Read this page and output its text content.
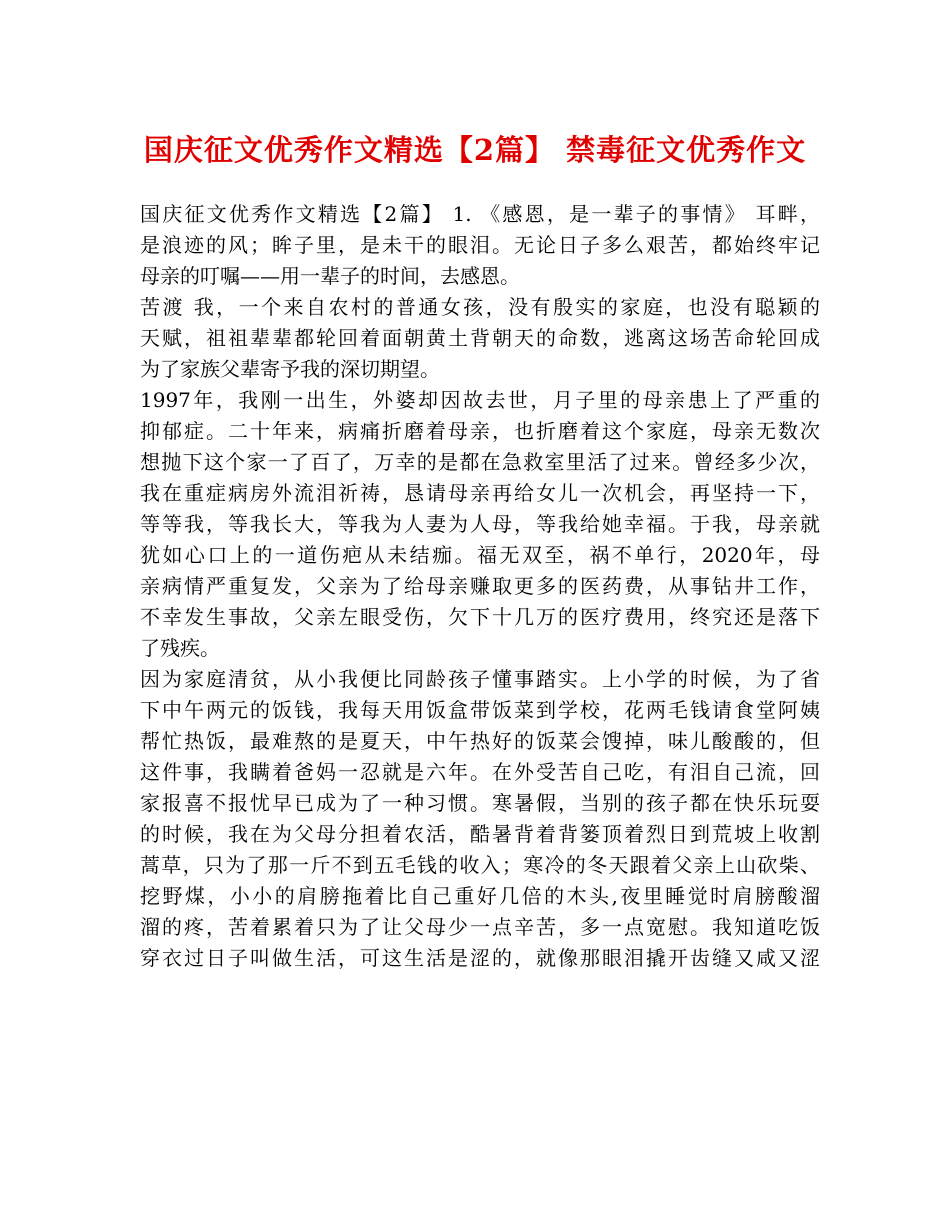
国庆征文优秀作文精选【2篇】 禁毒征文优秀作文
国庆征文优秀作文精选【2篇】 1. 《感恩，是一辈子的事情》 耳畔，
是浪迹的风；眸子里，是未干的眼泪。无论日子多么艰苦，都始终牢记
母亲的叮嘱——用一辈子的时间，去感恩。
苦渡 我，一个来自农村的普通女孩，没有殷实的家庭，也没有聪颖的
天赋，祖祖辈辈都轮回着面朝黄土背朝天的命数，逃离这场苦命轮回成
为了家族父辈寄予我的深切期望。
1997年，我刚一出生，外婆却因故去世，月子里的母亲患上了严重的
抑郁症。二十年来，病痛折磨着母亲，也折磨着这个家庭，母亲无数次
想抛下这个家一了百了，万幸的是都在急救室里活了过来。曾经多少次，
我在重症病房外流泪祈祷，恳请母亲再给女儿一次机会，再坚持一下，
等等我，等我长大，等我为人妻为人母，等我给她幸福。于我，母亲就
犹如心口上的一道伤疤从未结痂。福无双至，祸不单行，2020年，母
亲病情严重复发，父亲为了给母亲赚取更多的医药费，从事钻井工作，
不幸发生事故，父亲左眼受伤，欠下十几万的医疗费用，终究还是落下
了残疾。
因为家庭清贫，从小我便比同龄孩子懂事踏实。上小学的时候，为了省
下中午两元的饭钱，我每天用饭盒带饭菜到学校，花两毛钱请食堂阿姨
帮忙热饭，最难熬的是夏天，中午热好的饭菜会馊掉，味儿酸酸的，但
这件事，我瞒着爸妈一忍就是六年。在外受苦自己吃，有泪自己流，回
家报喜不报忧早已成为了一种习惯。寒暑假，当别的孩子都在快乐玩耍
的时候，我在为父母分担着农活，酷暑背着背篓顶着烈日到荒坡上收割
蒿草，只为了那一斤不到五毛钱的收入；寒冷的冬天跟着父亲上山砍柴、
挖野煤，小小的肩膀拖着比自己重好几倍的木头,夜里睡觉时肩膀酸溜
溜的疼，苦着累着只为了让父母少一点辛苦，多一点宽慰。我知道吃饭
穿衣过日子叫做生活，可这生活是涩的，就像那眼泪撬开齿缝又咸又涩
